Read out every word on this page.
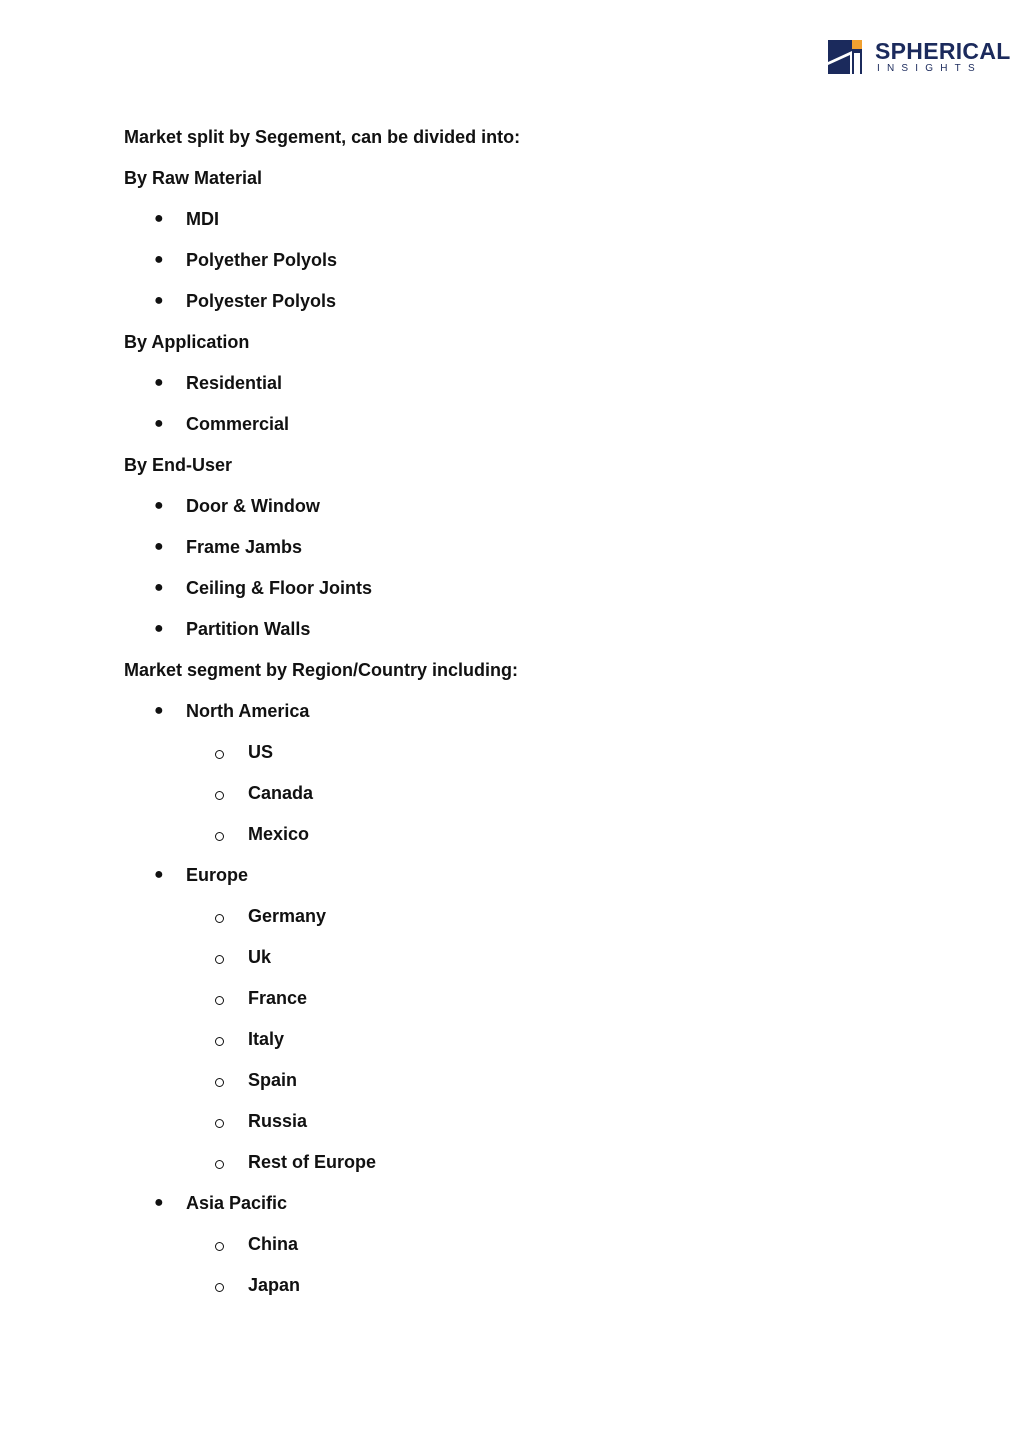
SPHERICAL
INSIGHTS
Market split by Segement, can be divided into:
By Raw Material
● MDI
● Polyether Polyols
● Polyester Polyols
By Application
● Residential
● Commercial
By End-User
● Door & Window
● Frame Jambs
● Ceiling & Floor Joints
● Partition Walls
Market segment by Region/Country including:
● North America
US
Canada
Mexico
● Europe
Germany
Uk
France
Italy
Spain
Russia
Rest of Europe
● Asia Pacific
China
Japan
